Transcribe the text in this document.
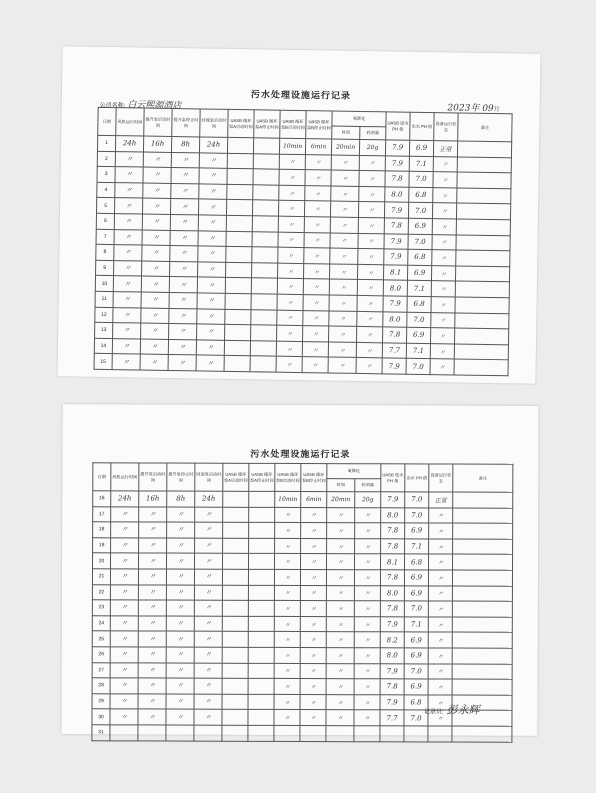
污水处理设施运行记录
公司名称: 白云熙源酒店	2023年 09月
日期	风机运行时间	提升泵启动时间	提升泵停止时间	回流泵启动时间	UASB 循环泵A启动时间	UASB 循环泵A停止时间	UASB 循环泵B启动时间	UASB 循环泵B停止时间	氧降化		UASB 进水 PH 值	出水 PH 值	设备运行状态	备注
									时间	药剂量				
1	24h	16h	8h	24h			10min	6min	20min	20g	7.9	6.9	正常	
2	〃	〃	〃	〃			〃	〃	〃	〃	7.9	7.1	〃	
3	〃	〃	〃	〃			〃	〃	〃	〃	7.8	7.0	〃	
4	〃	〃	〃	〃			〃	〃	〃	〃	8.0	6.8	〃	
5	〃	〃	〃	〃			〃	〃	〃	〃	7.9	7.0	〃	
6	〃	〃	〃	〃			〃	〃	〃	〃	7.8	6.9	〃	
7	〃	〃	〃	〃			〃	〃	〃	〃	7.9	7.0	〃	
8	〃	〃	〃	〃			〃	〃	〃	〃	7.9	6.8	〃	
9	〃	〃	〃	〃			〃	〃	〃	〃	8.1	6.9	〃	
10	〃	〃	〃	〃			〃	〃	〃	〃	8.0	7.1	〃	
11	〃	〃	〃	〃			〃	〃	〃	〃	7.9	6.8	〃	
12	〃	〃	〃	〃			〃	〃	〃	〃	8.0	7.0	〃	
13	〃	〃	〃	〃			〃	〃	〃	〃	7.8	6.9	〃	
14	〃	〃	〃	〃			〃	〃	〃	〃	7.7	7.1	〃	
15	〃	〃	〃	〃			〃	〃	〃	〃	7.9	7.0	〃	
污水处理设施运行记录
日期	风机运行时间	提升泵启动时间	提升泵停止时间	回流泵启动时间	UASB 循环泵A启动时间	UASB 循环泵A停止时间	UASB 循环泵B启动时间	UASB 循环泵B停止时间	氧降化		UASB 进水 PH 值	出水 PH 值	设备运行状态	备注
									时间	药剂量				
16	24h	16h	8h	24h			10min	6min	20min	20g	7.9	7.0	正常	
17	〃	〃	〃	〃			〃	〃	〃	〃	8.0	7.0	〃	
18	〃	〃	〃	〃			〃	〃	〃	〃	7.8	6.9	〃	
19	〃	〃	〃	〃			〃	〃	〃	〃	7.8	7.1	〃	
20	〃	〃	〃	〃			〃	〃	〃	〃	8.1	6.8	〃	
21	〃	〃	〃	〃			〃	〃	〃	〃	7.8	6.9	〃	
22	〃	〃	〃	〃			〃	〃	〃	〃	8.0	6.9	〃	
23	〃	〃	〃	〃			〃	〃	〃	〃	7.8	7.0	〃	
24	〃	〃	〃	〃			〃	〃	〃	〃	7.9	7.1	〃	
25	〃	〃	〃	〃			〃	〃	〃	〃	8.2	6.9	〃	
26	〃	〃	〃	〃			〃	〃	〃	〃	8.0	6.9	〃	
27	〃	〃	〃	〃			〃	〃	〃	〃	7.9	7.0	〃	
28	〃	〃	〃	〃			〃	〃	〃	〃	7.8	6.9	〃	
29	〃	〃	〃	〃			〃	〃	〃	〃	7.9	6.8	〃	
30	〃	〃	〃	〃			〃	〃	〃	〃	7.7	7.0	〃	
31														
记录员: 彭永辉
